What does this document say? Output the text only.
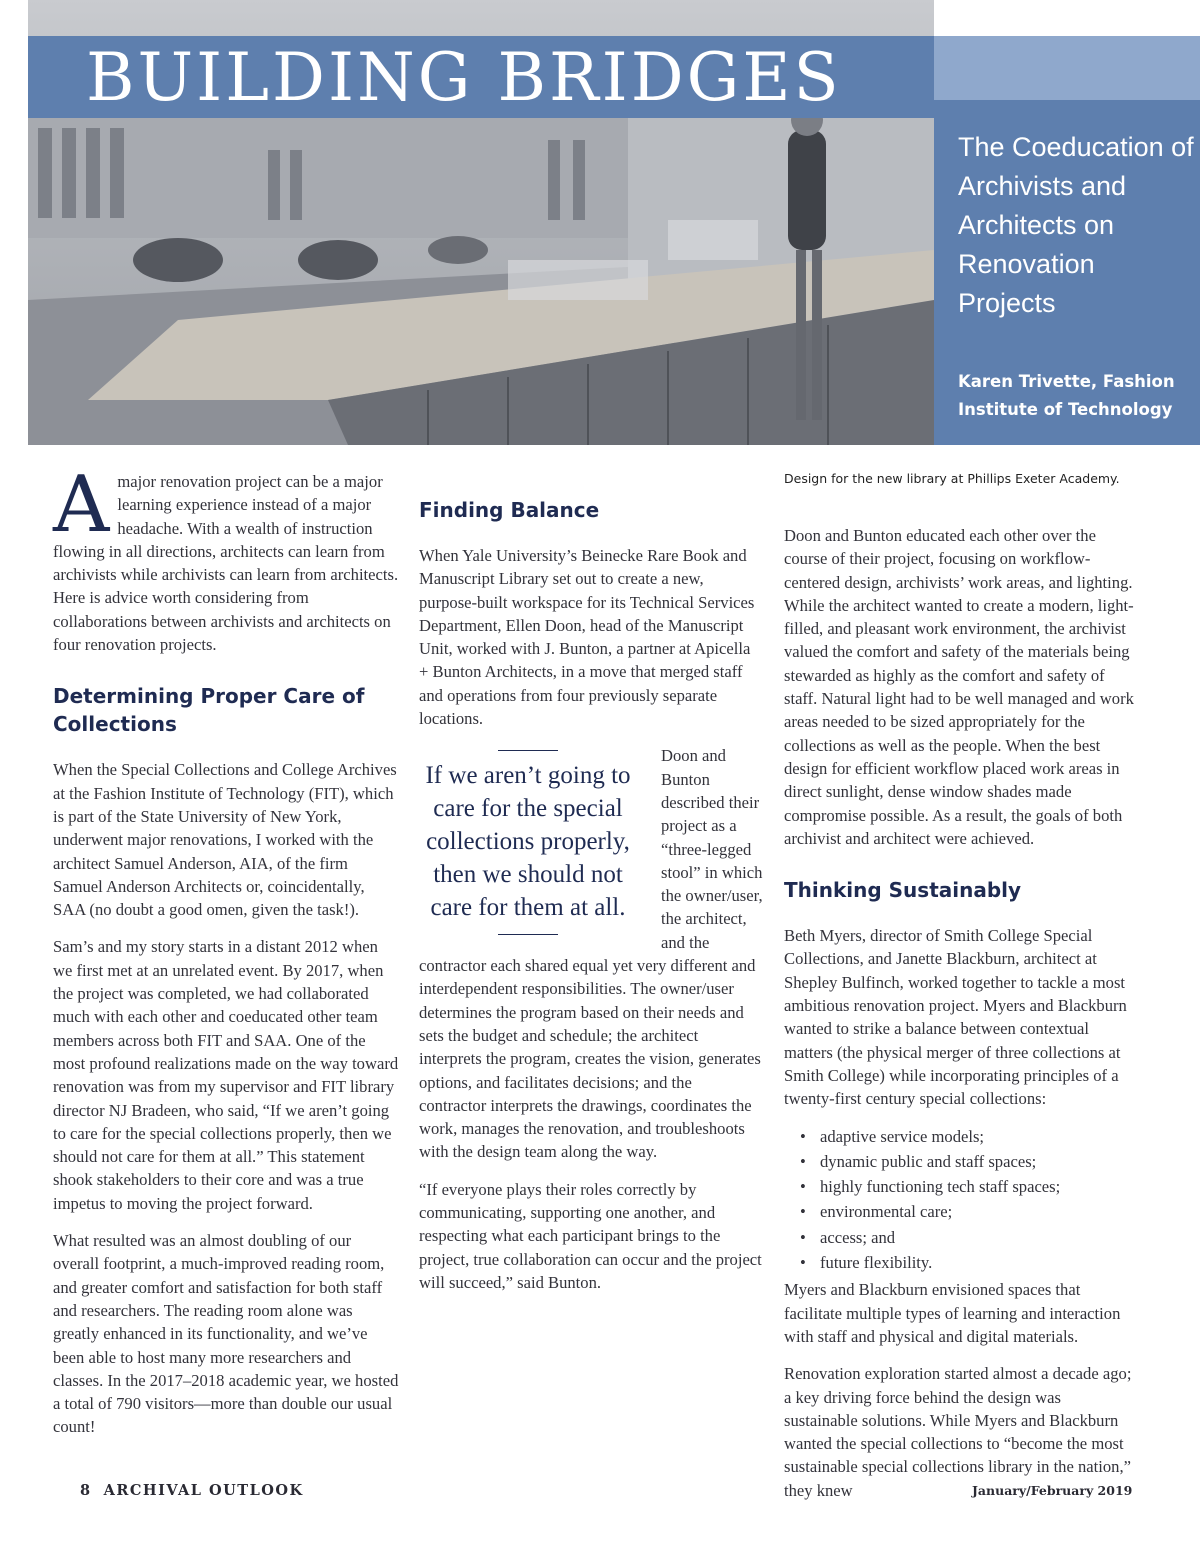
BUILDING BRIDGES
The Coeducation of Archivists and Architects on Renovation Projects

Karen Trivette, Fashion Institute of Technology

A major renovation project can be a major learning experience instead of a major headache. With a wealth of instruction flowing in all directions, architects can learn from archivists while archivists can learn from architects. Here is advice worth considering from collaborations between archivists and architects on four renovation projects.

Determining Proper Care of Collections

When the Special Collections and College Archives at the Fashion Institute of Technology (FIT), which is part of the State University of New York, underwent major renovations, I worked with the architect Samuel Anderson, AIA, of the firm Samuel Anderson Architects or, coincidentally, SAA (no doubt a good omen, given the task!).

Sam’s and my story starts in a distant 2012 when we first met at an unrelated event. By 2017, when the project was completed, we had collaborated much with each other and coeducated other team members across both FIT and SAA. One of the most profound realizations made on the way toward renovation was from my supervisor and FIT library director NJ Bradeen, who said, “If we aren’t going to care for the special collections properly, then we should not care for them at all.” This statement shook stakeholders to their core and was a true impetus to moving the project forward.

What resulted was an almost doubling of our overall footprint, a much-improved reading room, and greater comfort and satisfaction for both staff and researchers. The reading room alone was greatly enhanced in its functionality, and we’ve been able to host many more researchers and classes. In the 2017–2018 academic year, we hosted a total of 790 visitors—more than double our usual count!

Finding Balance

When Yale University’s Beinecke Rare Book and Manuscript Library set out to create a new, purpose-built workspace for its Technical Services Department, Ellen Doon, head of the Manuscript Unit, worked with J. Bunton, a partner at Apicella + Bunton Architects, in a move that merged staff and operations from four previously separate locations.

If we aren’t going to care for the special collections properly, then we should not care for them at all.

Doon and Bunton described their project as a “three-legged stool” in which the owner/user, the architect, and the contractor each shared equal yet very different and interdependent responsibilities. The owner/user determines the program based on their needs and sets the budget and schedule; the architect interprets the program, creates the vision, generates options, and facilitates decisions; and the contractor interprets the drawings, coordinates the work, manages the renovation, and troubleshoots with the design team along the way.

“If everyone plays their roles correctly by communicating, supporting one another, and respecting what each participant brings to the project, true collaboration can occur and the project will succeed,” said Bunton.

Design for the new library at Phillips Exeter Academy.

Doon and Bunton educated each other over the course of their project, focusing on workflow-centered design, archivists’ work areas, and lighting. While the architect wanted to create a modern, light-filled, and pleasant work environment, the archivist valued the comfort and safety of the materials being stewarded as highly as the comfort and safety of staff. Natural light had to be well managed and work areas needed to be sized appropriately for the collections as well as the people. When the best design for efficient workflow placed work areas in direct sunlight, dense window shades made compromise possible. As a result, the goals of both archivist and architect were achieved.

Thinking Sustainably

Beth Myers, director of Smith College Special Collections, and Janette Blackburn, architect at Shepley Bulfinch, worked together to tackle a most ambitious renovation project. Myers and Blackburn wanted to strike a balance between contextual matters (the physical merger of three collections at Smith College) while incorporating principles of a twenty-first century special collections:

• adaptive service models;
• dynamic public and staff spaces;
• highly functioning tech staff spaces;
• environmental care;
• access; and
• future flexibility.

Myers and Blackburn envisioned spaces that facilitate multiple types of learning and interaction with staff and physical and digital materials.

Renovation exploration started almost a decade ago; a key driving force behind the design was sustainable solutions. While Myers and Blackburn wanted the special collections to “become the most sustainable special collections library in the nation,” they knew

8 ARCHIVAL OUTLOOK	January/February 2019
